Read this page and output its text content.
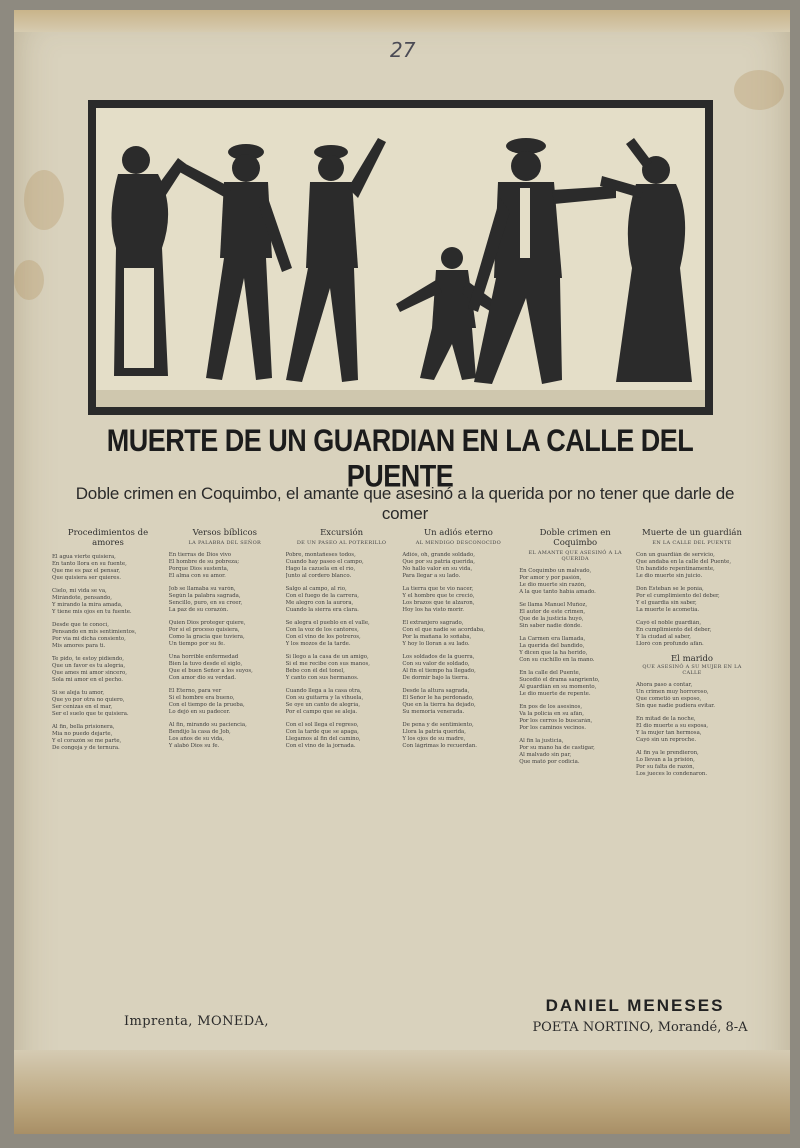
27
MUERTE DE UN GUARDIAN EN LA CALLE DEL PUENTE
Doble crimen en Coquimbo, el amante que asesinó a la querida por no tener que darle de comer
Procedimientos de amores
El agua vierte quisiera,
En tanto llora en su fuente,
Que me es paz el pensar,
Que quisiera ser quieres.
Cielo, mi vida se va,
Mirándote, pensando,
Y mirando la mira amada,
Y tiene mis ojos en tu fuente.
Desde que te conocí,
Pensando en mis sentimientos,
Por vía mi dicha consiento,
Mis amores para ti.
Te pido, te estoy pidiendo,
Que un favor es tu alegría,
Que ames mi amor sincero,
Sola mi amor en el pecho.
Si se aleja tu amor,
Que yo por otra no quiero,
Ser cenizas en el mar,
Ser el suelo que te quisiera.
Al fin, bella prisionera,
Mía no puedo dejarte,
Y el corazón se me parte,
De congoja y de ternura.
Versos bíblicos
LA PALABRA DEL SEÑOR
En tierras de Dios vivo
El hombre de su pobreza;
Porque Dios sustenta,
El alma con su amor.
Job se llamaba su varón,
Según la palabra sagrada,
Sencillo, puro, en su creer,
La paz de su corazón.
Quien Dios proteger quiere,
Por si el proceso quisiera,
Como la gracia que tuviera,
Un tiempo por su fe.
Una horrible enfermedad
Bien la tuvo desde el siglo,
Que el buen Señor a los suyos,
Con amor dio su verdad.
El Eterno, para ver
Si el hombre era bueno,
Con el tiempo de la prueba,
Lo dejó en su padecer.
Al fin, mirando su paciencia,
Bendijo la casa de Job,
Los años de su vida,
Y alabó Dios su fe.
Excursión
DE UN PASEO AL POTRERILLO
Pobre, montañeses todos,
Cuando hay paseo el campo,
Hago la cazuela en el río,
Junto al cordero blanco.
Salgo al campo, al río,
Con el fuego de la carrera,
Me alegro con la aurora,
Cuando la sierra era clara.
Se alegra el pueblo en el valle,
Con la voz de los cantores,
Con el vino de los potreros,
Y los mozos de la tarde.
Si llego a la casa de un amigo,
Si el me recibe con sus manos,
Bebo con él del tonel,
Y canto con sus hermanos.
Cuando llega a la casa otra,
Con su guitarra y la vihuela,
Se oye un canto de alegría,
Por el campo que se aleja.
Con el sol llega el regreso,
Con la tarde que se apaga,
Llegamos al fin del camino,
Con el vino de la jornada.
Un adiós eterno
AL MENDIGO DESCONOCIDO
Adiós, oh, grande soldado,
Que por su patria querida,
No hallo valor en su vida,
Para llegar a su lado.
La tierra que te vio nacer,
Y el hombre que te creció,
Los brazos que te alzaron,
Hoy los ha visto morir.
El extranjero sagrado,
Con el que nadie se acordaba,
Por la mañana lo soñaba,
Y hoy lo lloran a su lado.
Los soldados de la guerra,
Con su valor de soldado,
Al fin el tiempo ha llegado,
De dormir bajo la tierra.
Desde la altura sagrada,
El Señor le ha perdonado,
Que en la tierra ha dejado,
Su memoria venerada.
De pena y de sentimiento,
Llora la patria querida,
Y los ojos de su madre,
Con lágrimas lo recuerdan.
Doble crimen en Coquimbo
EL AMANTE QUE ASESINÓ A LA QUERIDA
En Coquimbo un malvado,
Por amor y por pasión,
Le dio muerte sin razón,
A la que tanto había amado.
Se llama Manuel Muñoz,
El autor de este crimen,
Que de la justicia huyó,
Sin saber nadie dónde.
La Carmen era llamada,
La querida del bandido,
Y dicen que la ha herido,
Con su cuchillo en la mano.
En la calle del Puente,
Sucedió el drama sangriento,
Al guardián en su momento,
Le dio muerte de repente.
En pos de los asesinos,
Va la policía en su afán,
Por los cerros lo buscarán,
Por los caminos vecinos.
Al fin la justicia,
Por su mano ha de castigar,
Al malvado sin par,
Que mató por codicia.
Muerte de un guardián
EN LA CALLE DEL PUENTE
Con un guardián de servicio,
Que andaba en la calle del Puente,
Un bandido repentinamente,
Le dio muerte sin juicio.
Don Esteban se le ponía,
Por el cumplimiento del deber,
Y el guardia sin saber,
La muerte le acometía.
Cayó el noble guardián,
En cumplimiento del deber,
Y la ciudad al saber,
Lloró con profundo afán.
El marido
QUE ASESINÓ A SU MUJER EN LA CALLE
Ahora paso a contar,
Un crimen muy horroroso,
Que cometió un esposo,
Sin que nadie pudiera evitar.
En mitad de la noche,
Él dio muerte a su esposa,
Y la mujer tan hermosa,
Cayó sin un reproche.
Al fin ya le prendieron,
Lo llevan a la prisión,
Por su falta de razón,
Los jueces lo condenaron.
Imprenta, MONEDA,
DANIEL MENESES
POETA NORTINO, Morandé, 8-A
